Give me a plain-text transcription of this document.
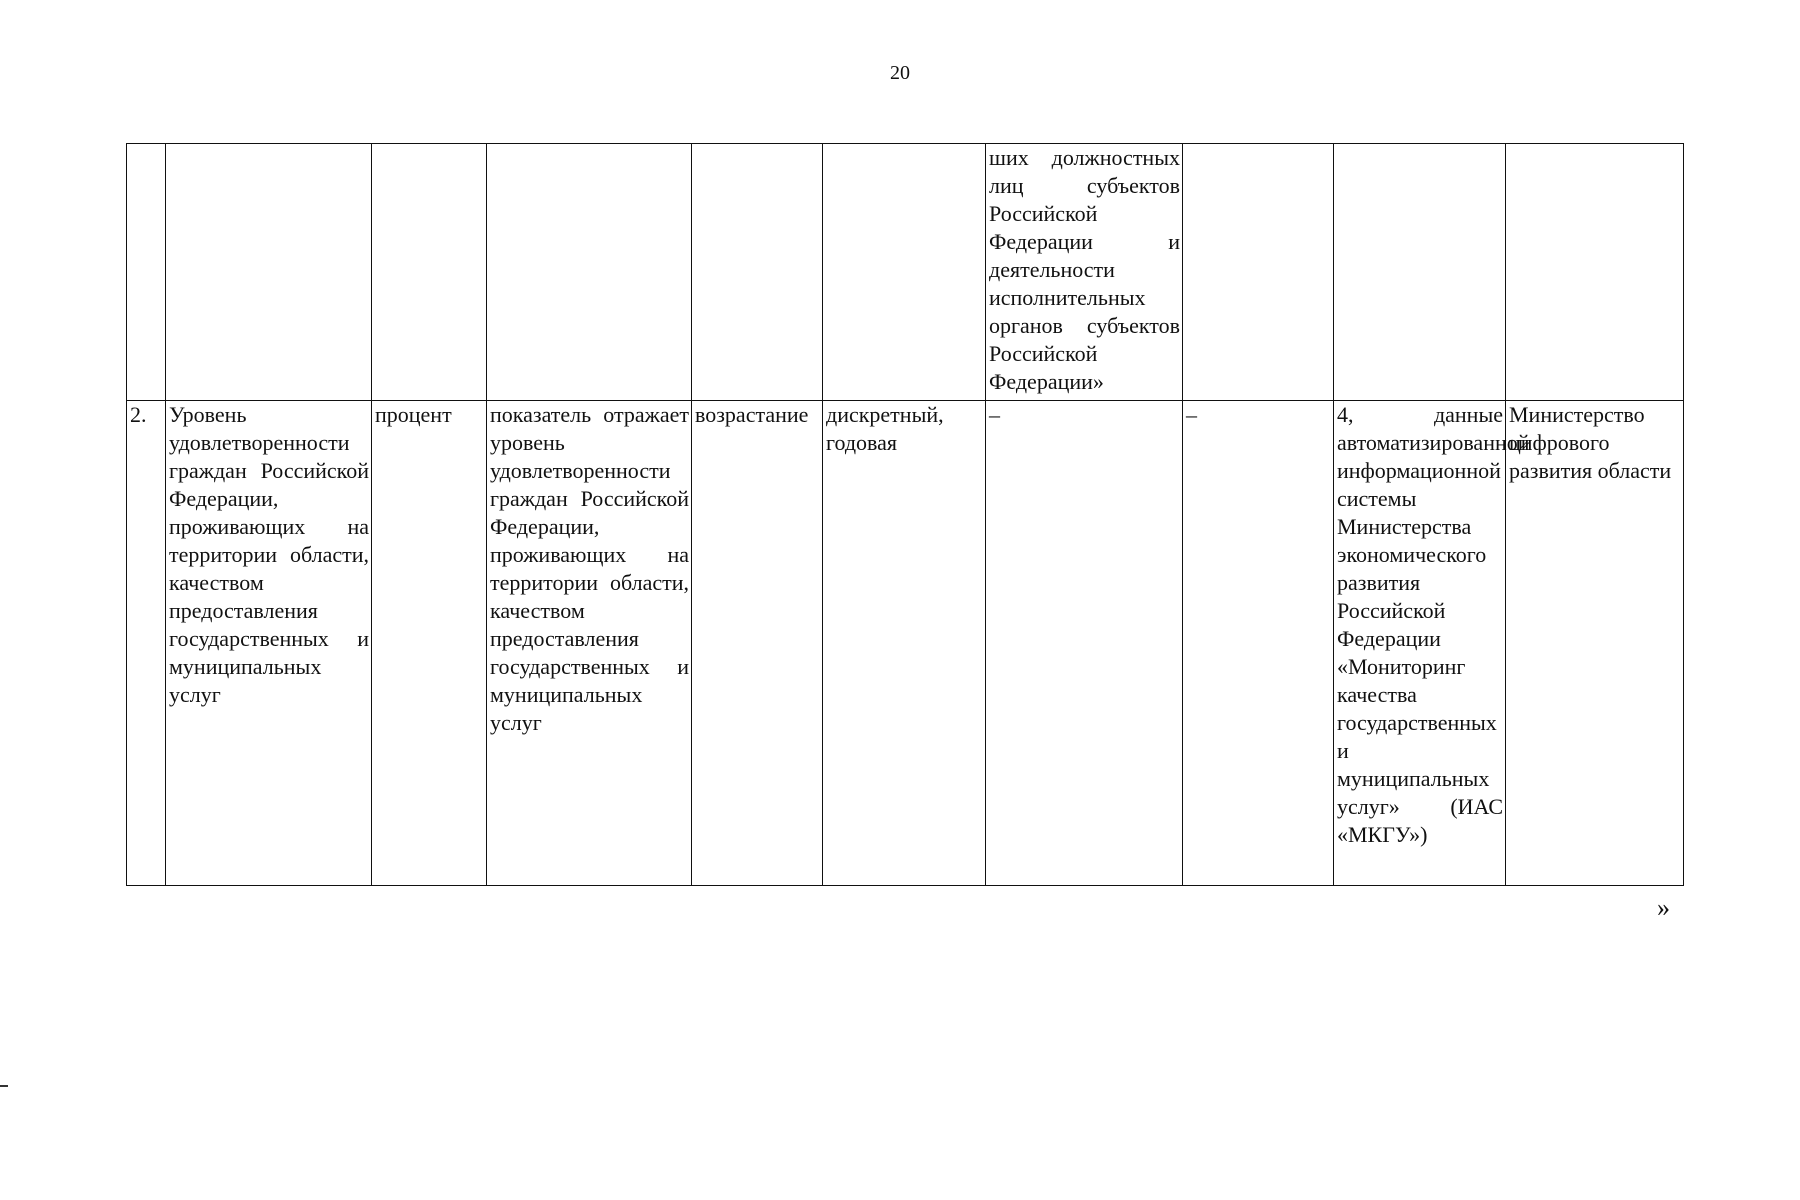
20
						ших должностных лиц субъектов Российской Федерации и деятельности исполнительных органов субъектов Российской Федерации»			
2.	Уровень удовлетворенности граждан Российской Федерации, проживающих на территории области, качеством предоставления государственных и муниципальных услуг	процент	показатель отражает уровень удовлетворенности граждан Российской Федерации, проживающих на территории области, качеством предоставления государственных и муниципальных услуг	возрастание	дискретный, годовая	–	–	4, данные автоматизированной информационной системы Министерства экономического развития Российской Федерации «Мониторинг качества государственных и муниципальных услуг» (ИАС «МКГУ»)	Министерство цифрового развития области
»
